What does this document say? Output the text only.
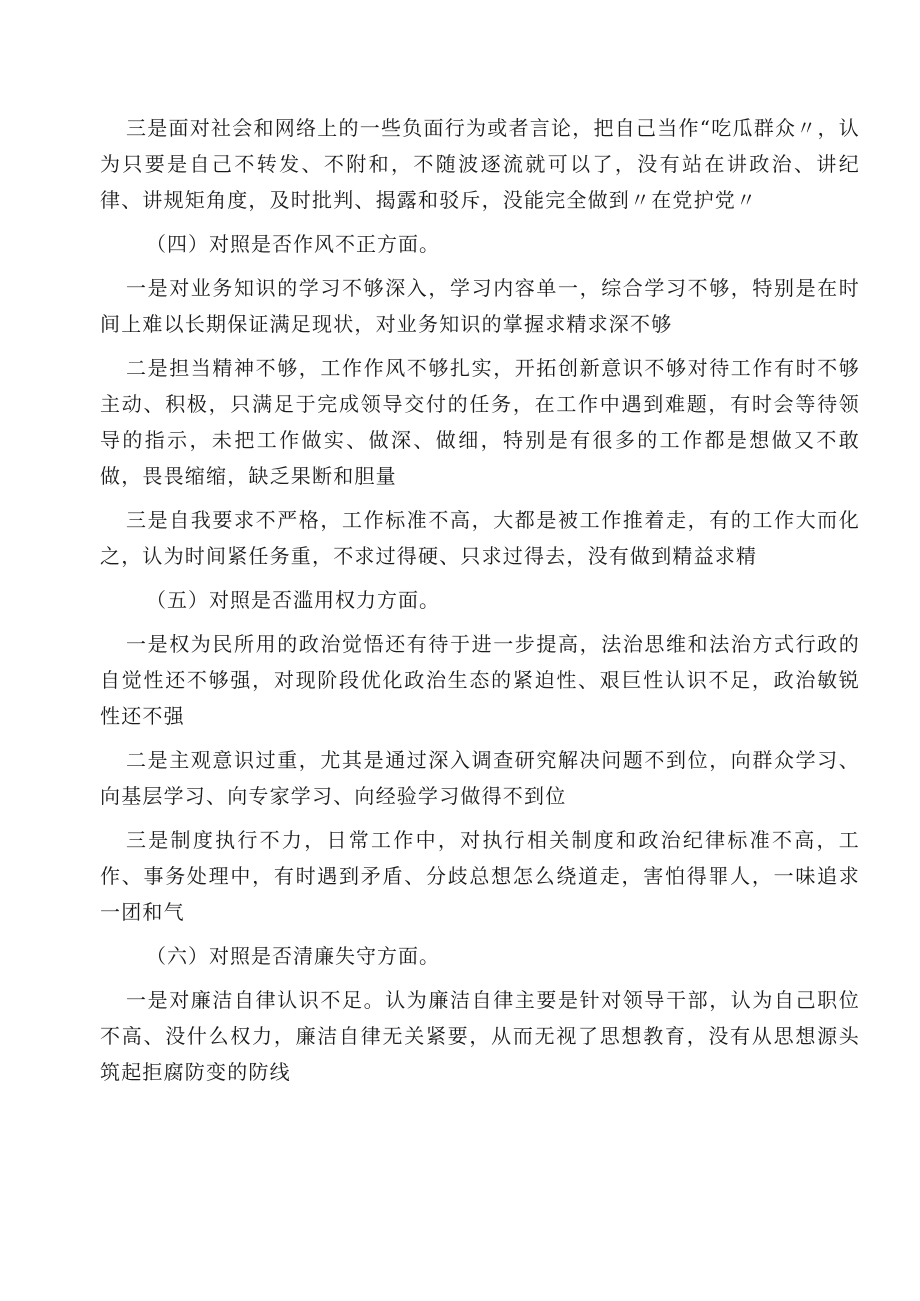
三是面对社会和网络上的一些负面行为或者言论，把自己当作“吃瓜群众〃，认为只要是自己不转发、不附和，不随波逐流就可以了，没有站在讲政治、讲纪律、讲规矩角度，及时批判、揭露和驳斥，没能完全做到〃在党护党〃

（四）对照是否作风不正方面。

一是对业务知识的学习不够深入，学习内容单一，综合学习不够，特别是在时间上难以长期保证满足现状，对业务知识的掌握求精求深不够

二是担当精神不够，工作作风不够扎实，开拓创新意识不够对待工作有时不够主动、积极，只满足于完成领导交付的任务，在工作中遇到难题，有时会等待领导的指示，未把工作做实、做深、做细，特别是有很多的工作都是想做又不敢做，畏畏缩缩，缺乏果断和胆量

三是自我要求不严格，工作标准不高，大都是被工作推着走，有的工作大而化之，认为时间紧任务重，不求过得硬、只求过得去，没有做到精益求精

（五）对照是否滥用权力方面。

一是权为民所用的政治觉悟还有待于进一步提高，法治思维和法治方式行政的自觉性还不够强，对现阶段优化政治生态的紧迫性、艰巨性认识不足，政治敏锐性还不强

二是主观意识过重，尤其是通过深入调查研究解决问题不到位，向群众学习、向基层学习、向专家学习、向经验学习做得不到位

三是制度执行不力，日常工作中，对执行相关制度和政治纪律标准不高，工作、事务处理中，有时遇到矛盾、分歧总想怎么绕道走，害怕得罪人，一味追求一团和气

（六）对照是否清廉失守方面。

一是对廉洁自律认识不足。认为廉洁自律主要是针对领导干部，认为自己职位不高、没什么权力，廉洁自律无关紧要，从而无视了思想教育，没有从思想源头筑起拒腐防变的防线
